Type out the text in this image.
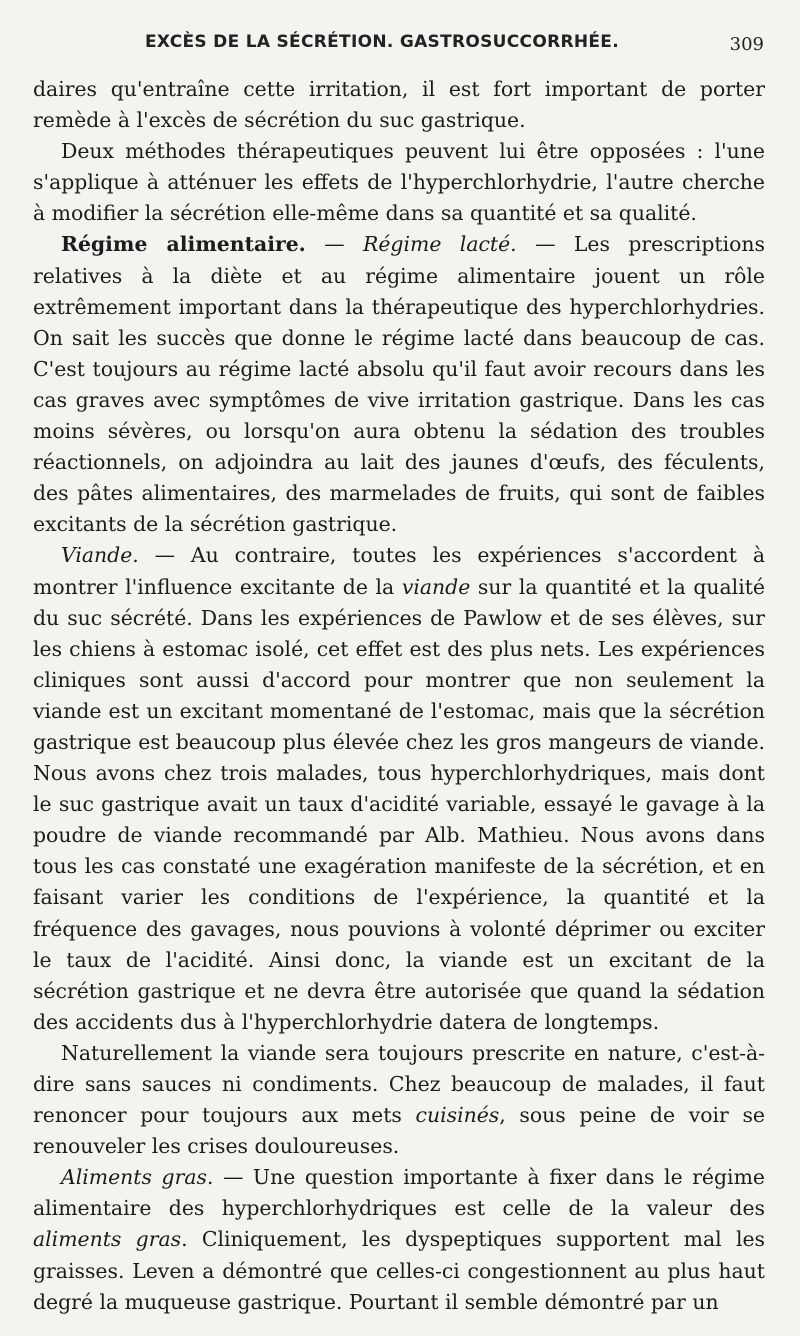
EXCÈS DE LA SÉCRÉTION. GASTROSUCCORRHÉE.	309

daires qu'entraîne cette irritation, il est fort important de porter remède à l'excès de sécrétion du suc gastrique.

Deux méthodes thérapeutiques peuvent lui être opposées : l'une s'applique à atténuer les effets de l'hyperchlorhydrie, l'autre cherche à modifier la sécrétion elle-même dans sa quantité et sa qualité.

Régime alimentaire. — Régime lacté. — Les prescriptions relatives à la diète et au régime alimentaire jouent un rôle extrêmement important dans la thérapeutique des hyperchlorhydries. On sait les succès que donne le régime lacté dans beaucoup de cas. C'est toujours au régime lacté absolu qu'il faut avoir recours dans les cas graves avec symptômes de vive irritation gastrique. Dans les cas moins sévères, ou lorsqu'on aura obtenu la sédation des troubles réactionnels, on adjoindra au lait des jaunes d'œufs, des féculents, des pâtes alimentaires, des marmelades de fruits, qui sont de faibles excitants de la sécrétion gastrique.

Viande. — Au contraire, toutes les expériences s'accordent à montrer l'influence excitante de la viande sur la quantité et la qualité du suc sécrété. Dans les expériences de Pawlow et de ses élèves, sur les chiens à estomac isolé, cet effet est des plus nets. Les expériences cliniques sont aussi d'accord pour montrer que non seulement la viande est un excitant momentané de l'estomac, mais que la sécrétion gastrique est beaucoup plus élevée chez les gros mangeurs de viande. Nous avons chez trois malades, tous hyperchlorhydriques, mais dont le suc gastrique avait un taux d'acidité variable, essayé le gavage à la poudre de viande recommandé par Alb. Mathieu. Nous avons dans tous les cas constaté une exagération manifeste de la sécrétion, et en faisant varier les conditions de l'expérience, la quantité et la fréquence des gavages, nous pouvions à volonté déprimer ou exciter le taux de l'acidité. Ainsi donc, la viande est un excitant de la sécrétion gastrique et ne devra être autorisée que quand la sédation des accidents dus à l'hyperchlorhydrie datera de longtemps.

Naturellement la viande sera toujours prescrite en nature, c'est-à-dire sans sauces ni condiments. Chez beaucoup de malades, il faut renoncer pour toujours aux mets cuisinés, sous peine de voir se renouveler les crises douloureuses.

Aliments gras. — Une question importante à fixer dans le régime alimentaire des hyperchlorhydriques est celle de la valeur des aliments gras. Cliniquement, les dyspeptiques supportent mal les graisses. Leven a démontré que celles-ci congestionnent au plus haut degré la muqueuse gastrique. Pourtant il semble démontré par un
